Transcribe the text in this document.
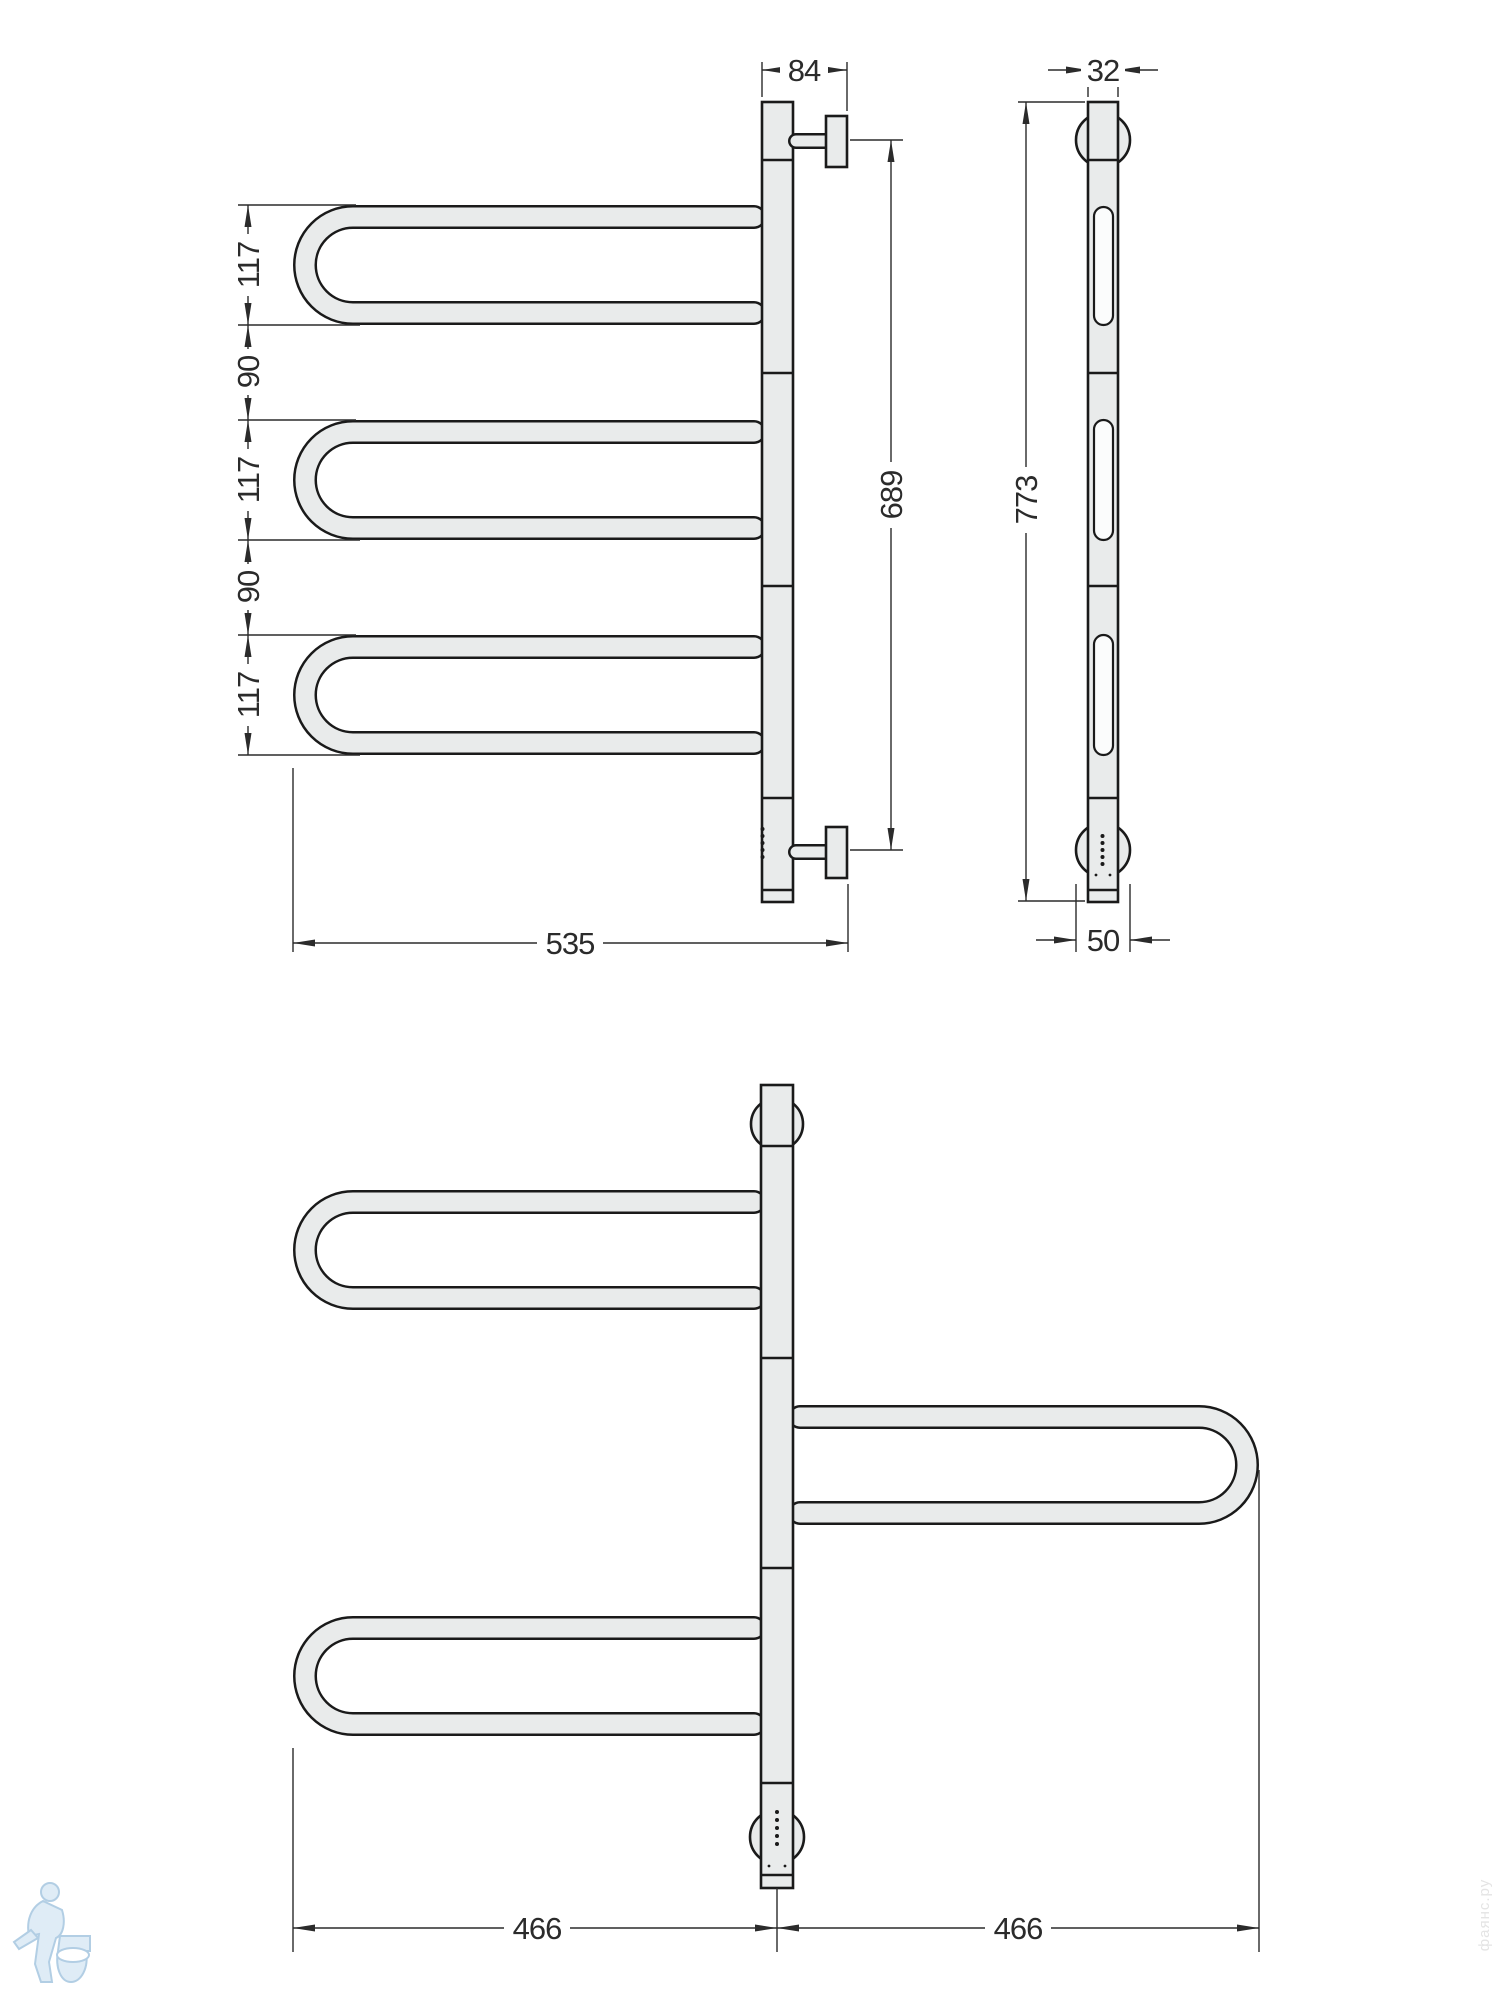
84
117
90
117
90
117
689
535
32
773
50
466	466	фаянс.ру
